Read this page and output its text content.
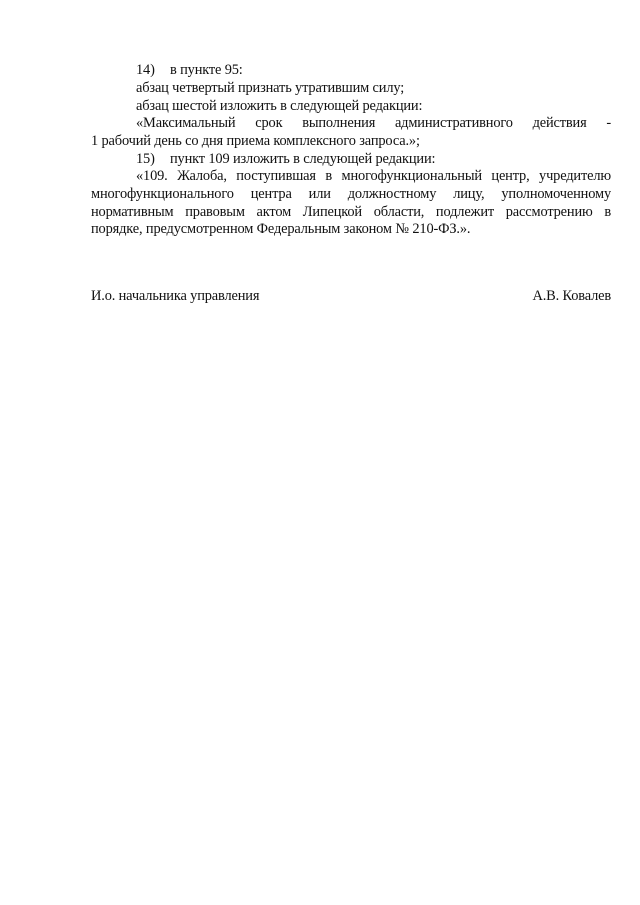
14) в пункте 95:
абзац четвертый признать утратившим силу;
абзац шестой изложить в следующей редакции:
«Максимальный срок выполнения административного действия -
1 рабочий день со дня приема комплексного запроса.»;
15) пункт 109 изложить в следующей редакции:
«109. Жалоба, поступившая в многофункциональный центр, учредителю
многофункционального центра или должностному лицу, уполномоченному
нормативным правовым актом Липецкой области, подлежит рассмотрению в
порядке, предусмотренном Федеральным законом № 210-ФЗ.».
И.о. начальника управления	А.В. Ковалев
